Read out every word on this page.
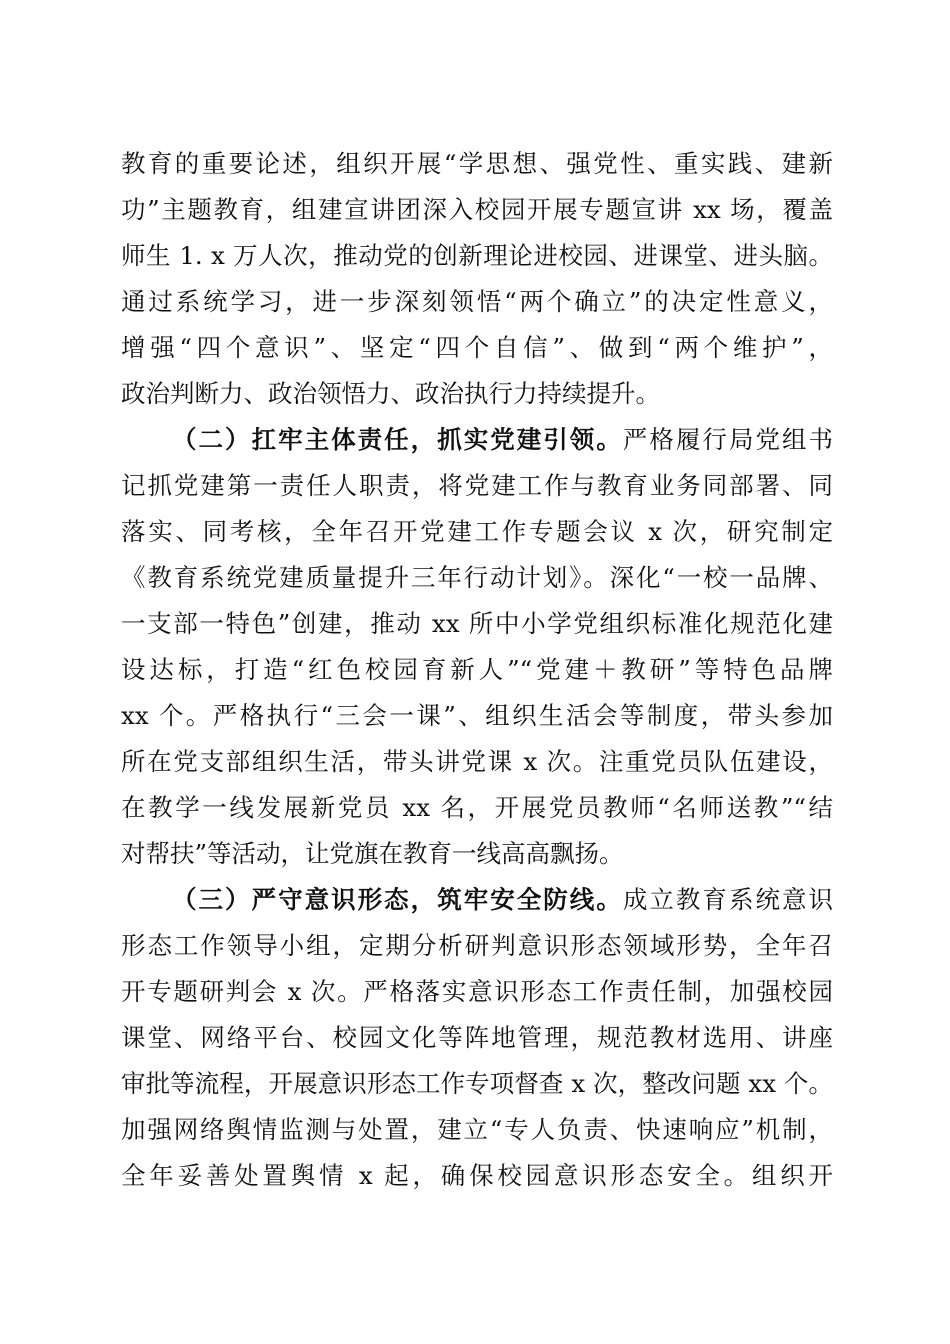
教育的重要论述，组织开展“学思想、强党性、重实践、建新
功”主题教育，组建宣讲团深入校园开展专题宣讲 xx 场，覆盖
师生 1. x 万人次，推动党的创新理论进校园、进课堂、进头脑。
通过系统学习，进一步深刻领悟“两个确立”的决定性意义，
增强“四个意识”、坚定“四个自信”、做到“两个维护”，
政治判断力、政治领悟力、政治执行力持续提升。
（二）扛牢主体责任，抓实党建引领。严格履行局党组书
记抓党建第一责任人职责，将党建工作与教育业务同部署、同
落实、同考核，全年召开党建工作专题会议 x 次，研究制定
《教育系统党建质量提升三年行动计划》。深化“一校一品牌、
一支部一特色”创建，推动 xx 所中小学党组织标准化规范化建
设达标，打造“红色校园育新人”“党建＋教研”等特色品牌
xx 个。严格执行“三会一课”、组织生活会等制度，带头参加
所在党支部组织生活，带头讲党课 x 次。注重党员队伍建设，
在教学一线发展新党员 xx 名，开展党员教师“名师送教”“结
对帮扶”等活动，让党旗在教育一线高高飘扬。
（三）严守意识形态，筑牢安全防线。成立教育系统意识
形态工作领导小组，定期分析研判意识形态领域形势，全年召
开专题研判会 x 次。严格落实意识形态工作责任制，加强校园
课堂、网络平台、校园文化等阵地管理，规范教材选用、讲座
审批等流程，开展意识形态工作专项督查 x 次，整改问题 xx 个。
加强网络舆情监测与处置，建立“专人负责、快速响应”机制，
全年妥善处置舆情 x 起，确保校园意识形态安全。组织开
